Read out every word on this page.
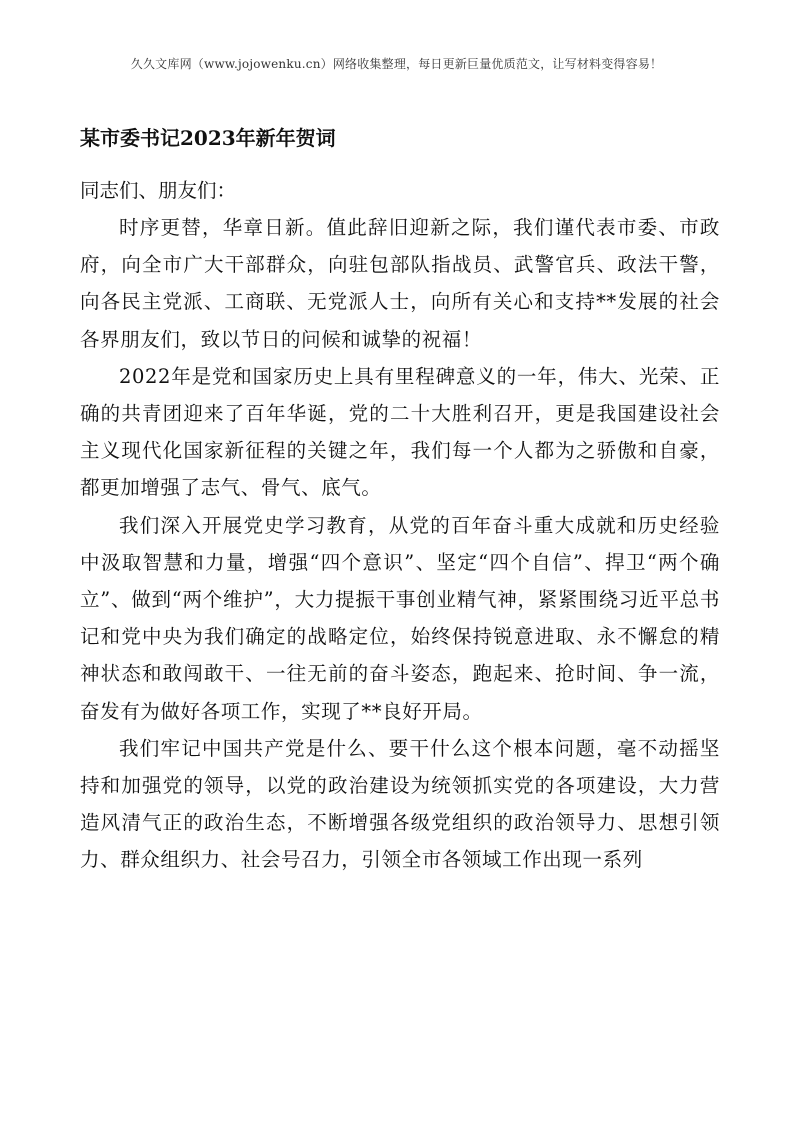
久久文库网（www.jojowenku.cn）网络收集整理，每日更新巨量优质范文，让写材料变得容易！
某市委书记2023年新年贺词

同志们、朋友们：

时序更替，华章日新。值此辞旧迎新之际，我们谨代表市委、市政府，向全市广大干部群众，向驻包部队指战员、武警官兵、政法干警，向各民主党派、工商联、无党派人士，向所有关心和支持**发展的社会各界朋友们，致以节日的问候和诚挚的祝福！

2022年是党和国家历史上具有里程碑意义的一年，伟大、光荣、正确的共青团迎来了百年华诞，党的二十大胜利召开，更是我国建设社会主义现代化国家新征程的关键之年，我们每一个人都为之骄傲和自豪，都更加增强了志气、骨气、底气。

我们深入开展党史学习教育，从党的百年奋斗重大成就和历史经验中汲取智慧和力量，增强“四个意识”、坚定“四个自信”、捍卫“两个确立”、做到“两个维护”，大力提振干事创业精气神，紧紧围绕习近平总书记和党中央为我们确定的战略定位，始终保持锐意进取、永不懈怠的精神状态和敢闯敢干、一往无前的奋斗姿态，跑起来、抢时间、争一流，奋发有为做好各项工作，实现了**良好开局。

我们牢记中国共产党是什么、要干什么这个根本问题，毫不动摇坚持和加强党的领导，以党的政治建设为统领抓实党的各项建设，大力营造风清气正的政治生态，不断增强各级党组织的政治领导力、思想引领力、群众组织力、社会号召力，引领全市各领域工作出现一系列
